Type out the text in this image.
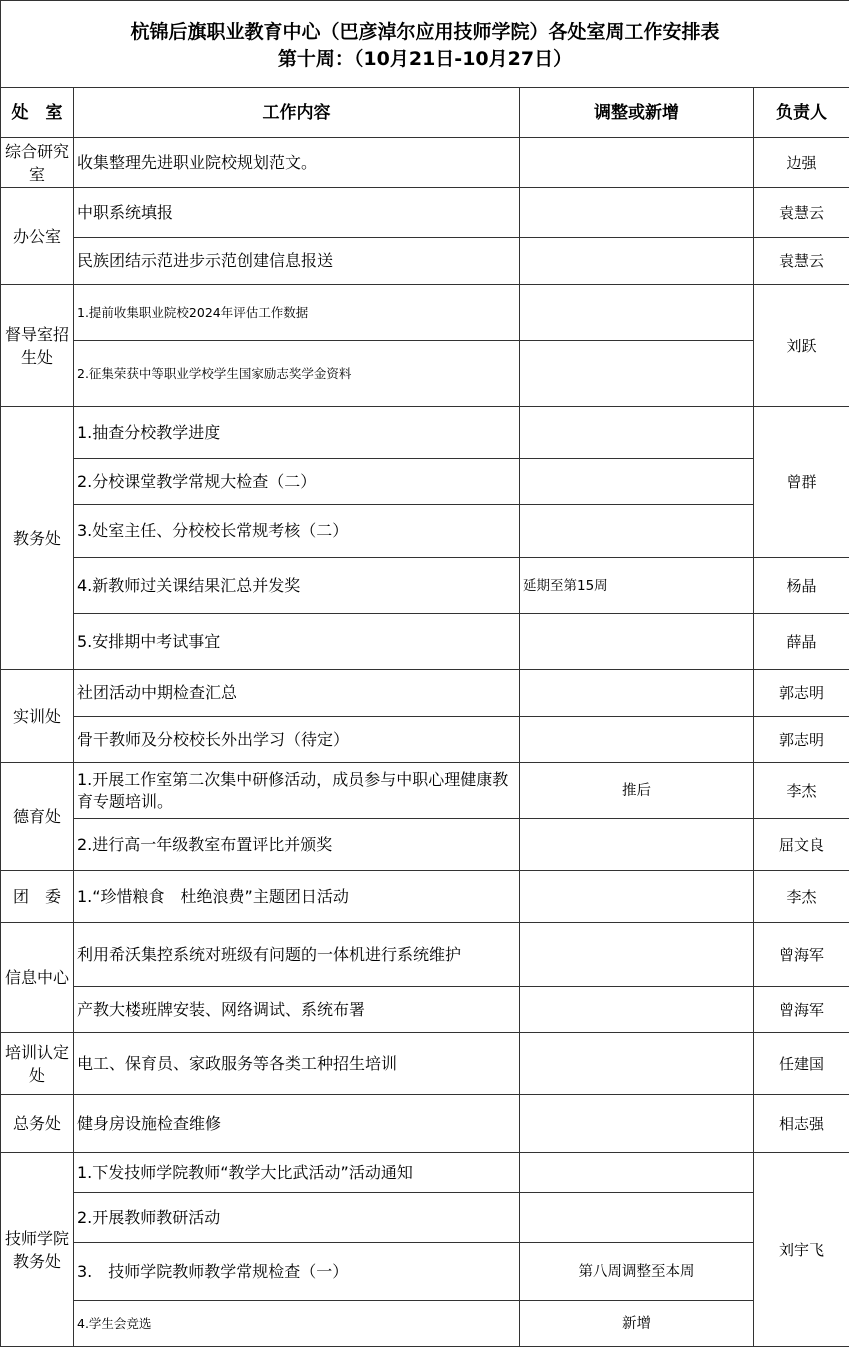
杭锦后旗职业教育中心（巴彦淖尔应用技师学院）各处室周工作安排表
第十周：（10月21日-10月27日）			

处　室	工作内容	调整或新增	负责人
综合研究室	收集整理先进职业院校规划范文。		边强
办公室	中职系统填报		袁慧云
	民族团结示范进步示范创建信息报送		袁慧云
督导室招生处	1.提前收集职业院校2024年评估工作数据		刘跃
	2.征集荣获中等职业学校学生国家励志奖学金资料		
教务处	1.抽查分校教学进度		曾群
	2.分校课堂教学常规大检查（二）		
	3.处室主任、分校校长常规考核（二）		
	4.新教师过关课结果汇总并发奖	延期至第15周	杨晶
	5.安排期中考试事宜		薛晶
实训处	社团活动中期检查汇总		郭志明
	骨干教师及分校校长外出学习（待定）		郭志明
德育处	1.开展工作室第二次集中研修活动，成员参与中职心理健康教育专题培训。	推后	李杰
	2.进行高一年级教室布置评比并颁奖		屈文良
团　委	1.“珍惜粮食　杜绝浪费”主题团日活动		李杰
信息中心	利用希沃集控系统对班级有问题的一体机进行系统维护		曾海军
	产教大楼班牌安装、网络调试、系统布署		曾海军
培训认定处	电工、保育员、家政服务等各类工种招生培训		任建国
总务处	健身房设施检查维修		相志强
技师学院教务处	1.下发技师学院教师“教学大比武活动”活动通知		刘宇飞
	2.开展教师教研活动		
	3.　技师学院教师教学常规检查（一）	第八周调整至本周	
	4.学生会竞选	新增	
